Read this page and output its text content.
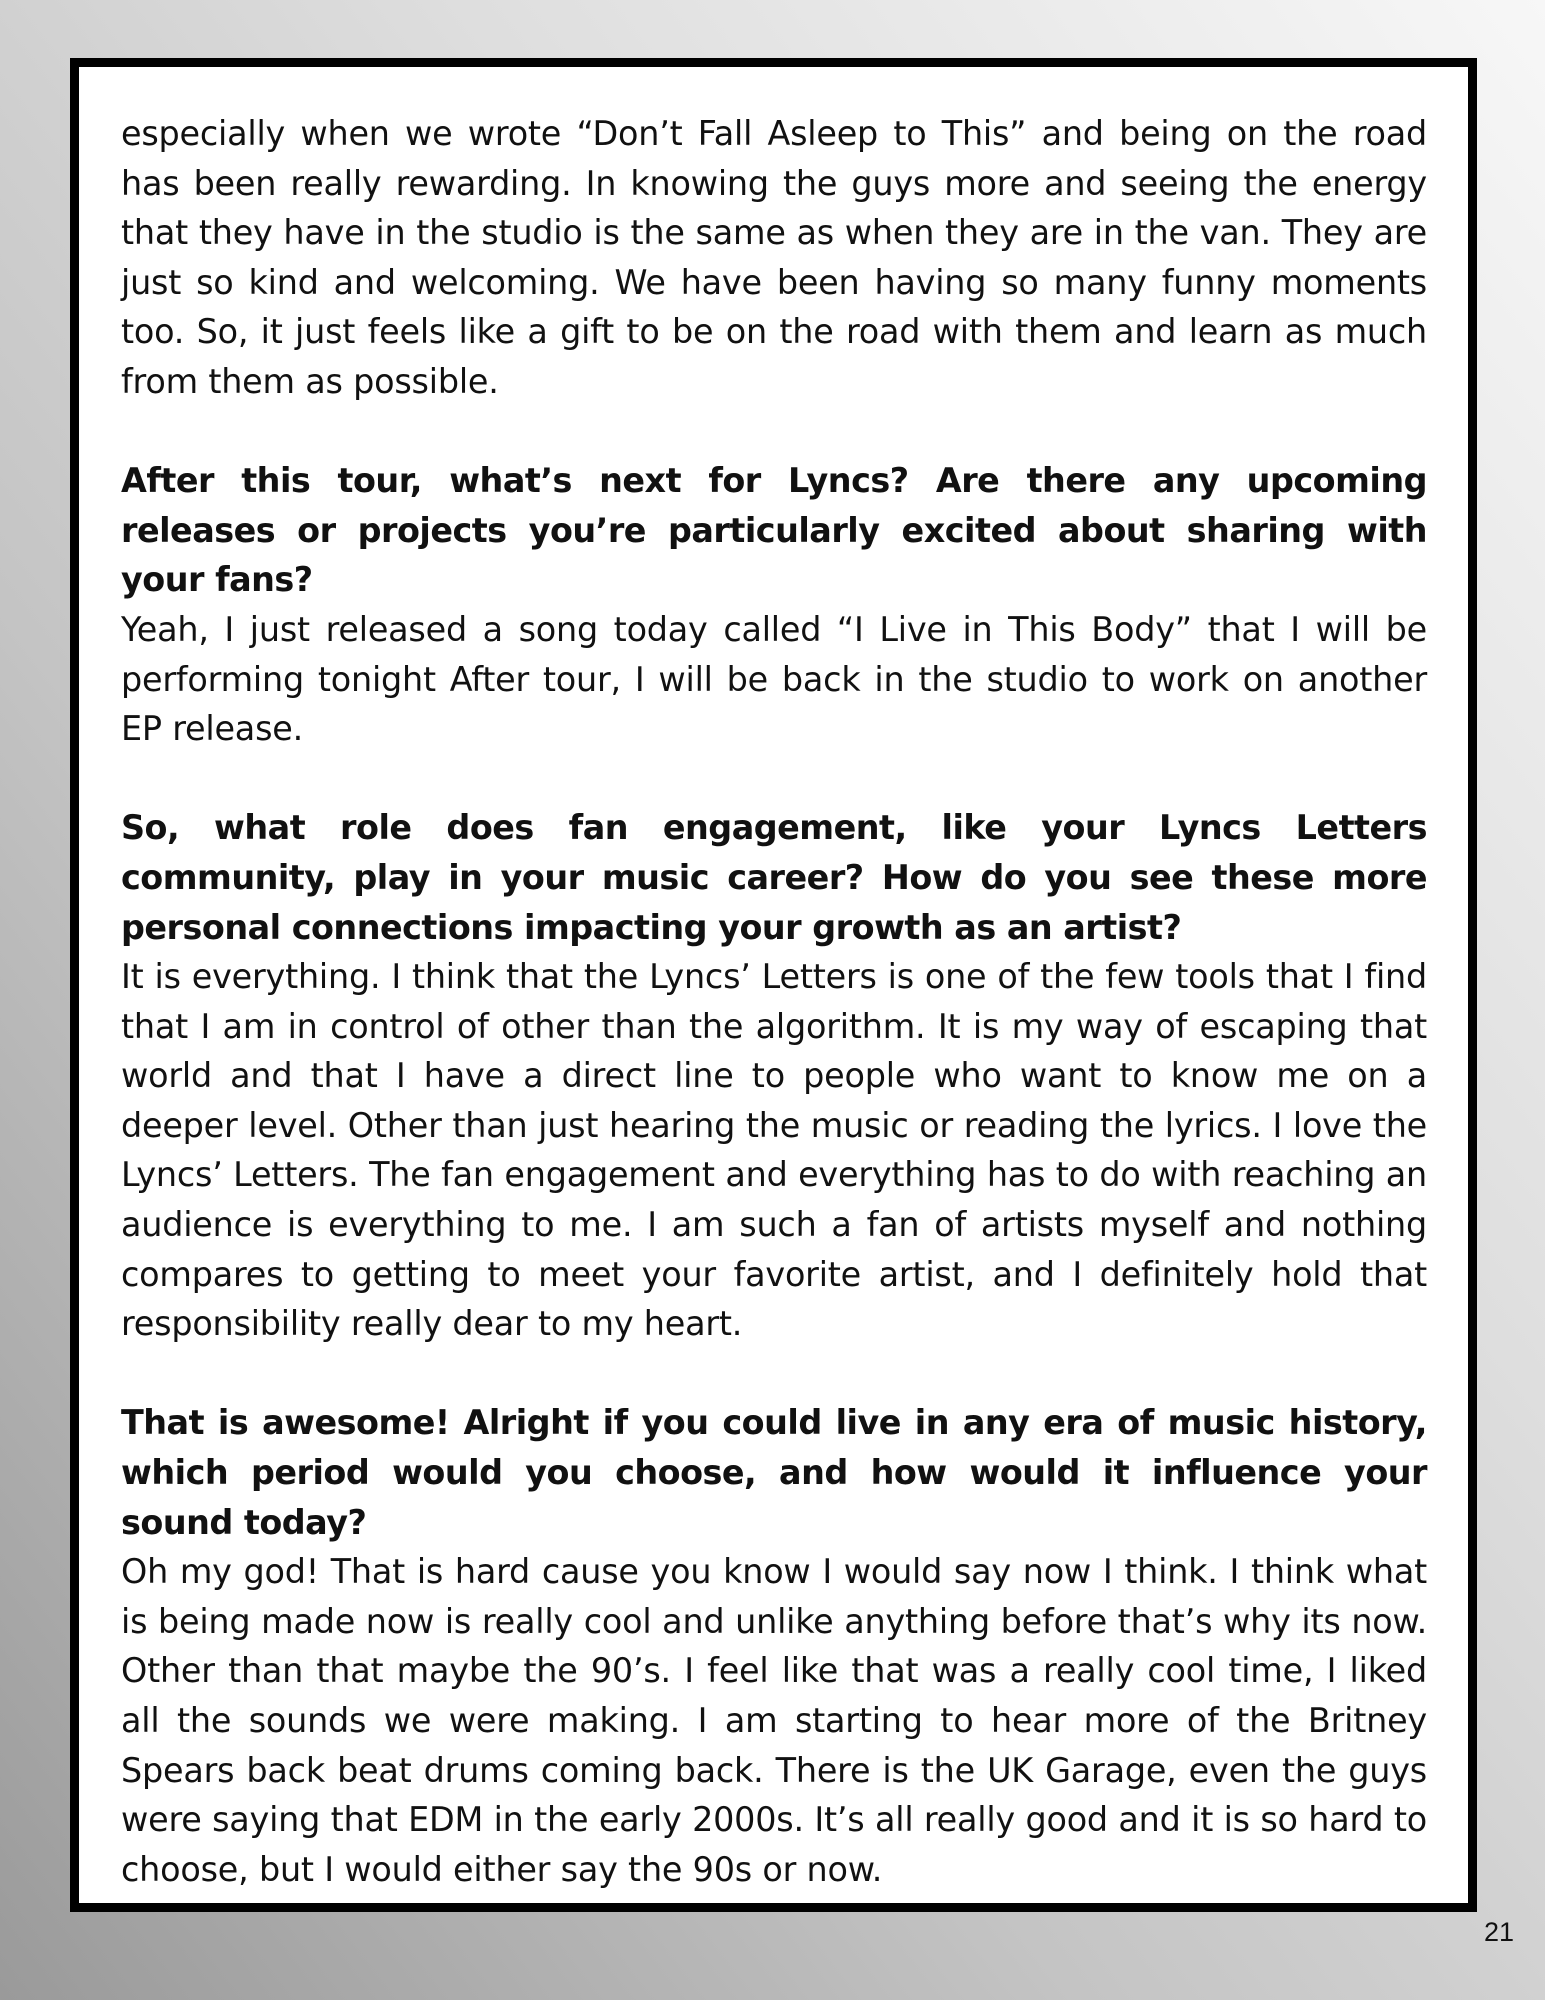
especially when we wrote “Don’t Fall Asleep to This” and being on the road has been really rewarding. In knowing the guys more and seeing the energy that they have in the studio is the same as when they are in the van. They are just so kind and welcoming. We have been having so many funny moments too. So, it just feels like a gift to be on the road with them and learn as much from them as possible.

After this tour, what’s next for Lyncs? Are there any upcoming releases or projects you’re particularly excited about sharing with your fans?

Yeah, I just released a song today called “I Live in This Body” that I will be performing tonight After tour, I will be back in the studio to work on another EP release.

So, what role does fan engagement, like your Lyncs Letters community, play in your music career? How do you see these more personal connections impacting your growth as an artist?

It is everything. I think that the Lyncs’ Letters is one of the few tools that I find that I am in control of other than the algorithm. It is my way of escaping that world and that I have a direct line to people who want to know me on a deeper level. Other than just hearing the music or reading the lyrics. I love the Lyncs’ Letters. The fan engagement and everything has to do with reaching an audience is everything to me. I am such a fan of artists myself and nothing compares to getting to meet your favorite artist, and I definitely hold that responsibility really dear to my heart.

That is awesome! Alright if you could live in any era of music history, which period would you choose, and how would it influence your sound today?

Oh my god! That is hard cause you know I would say now I think. I think what is being made now is really cool and unlike anything before that’s why its now. Other than that maybe the 90’s. I feel like that was a really cool time, I liked all the sounds we were making. I am starting to hear more of the Britney Spears back beat drums coming back. There is the UK Garage, even the guys were saying that EDM in the early 2000s. It’s all really good and it is so hard to choose, but I would either say the 90s or now.

21
